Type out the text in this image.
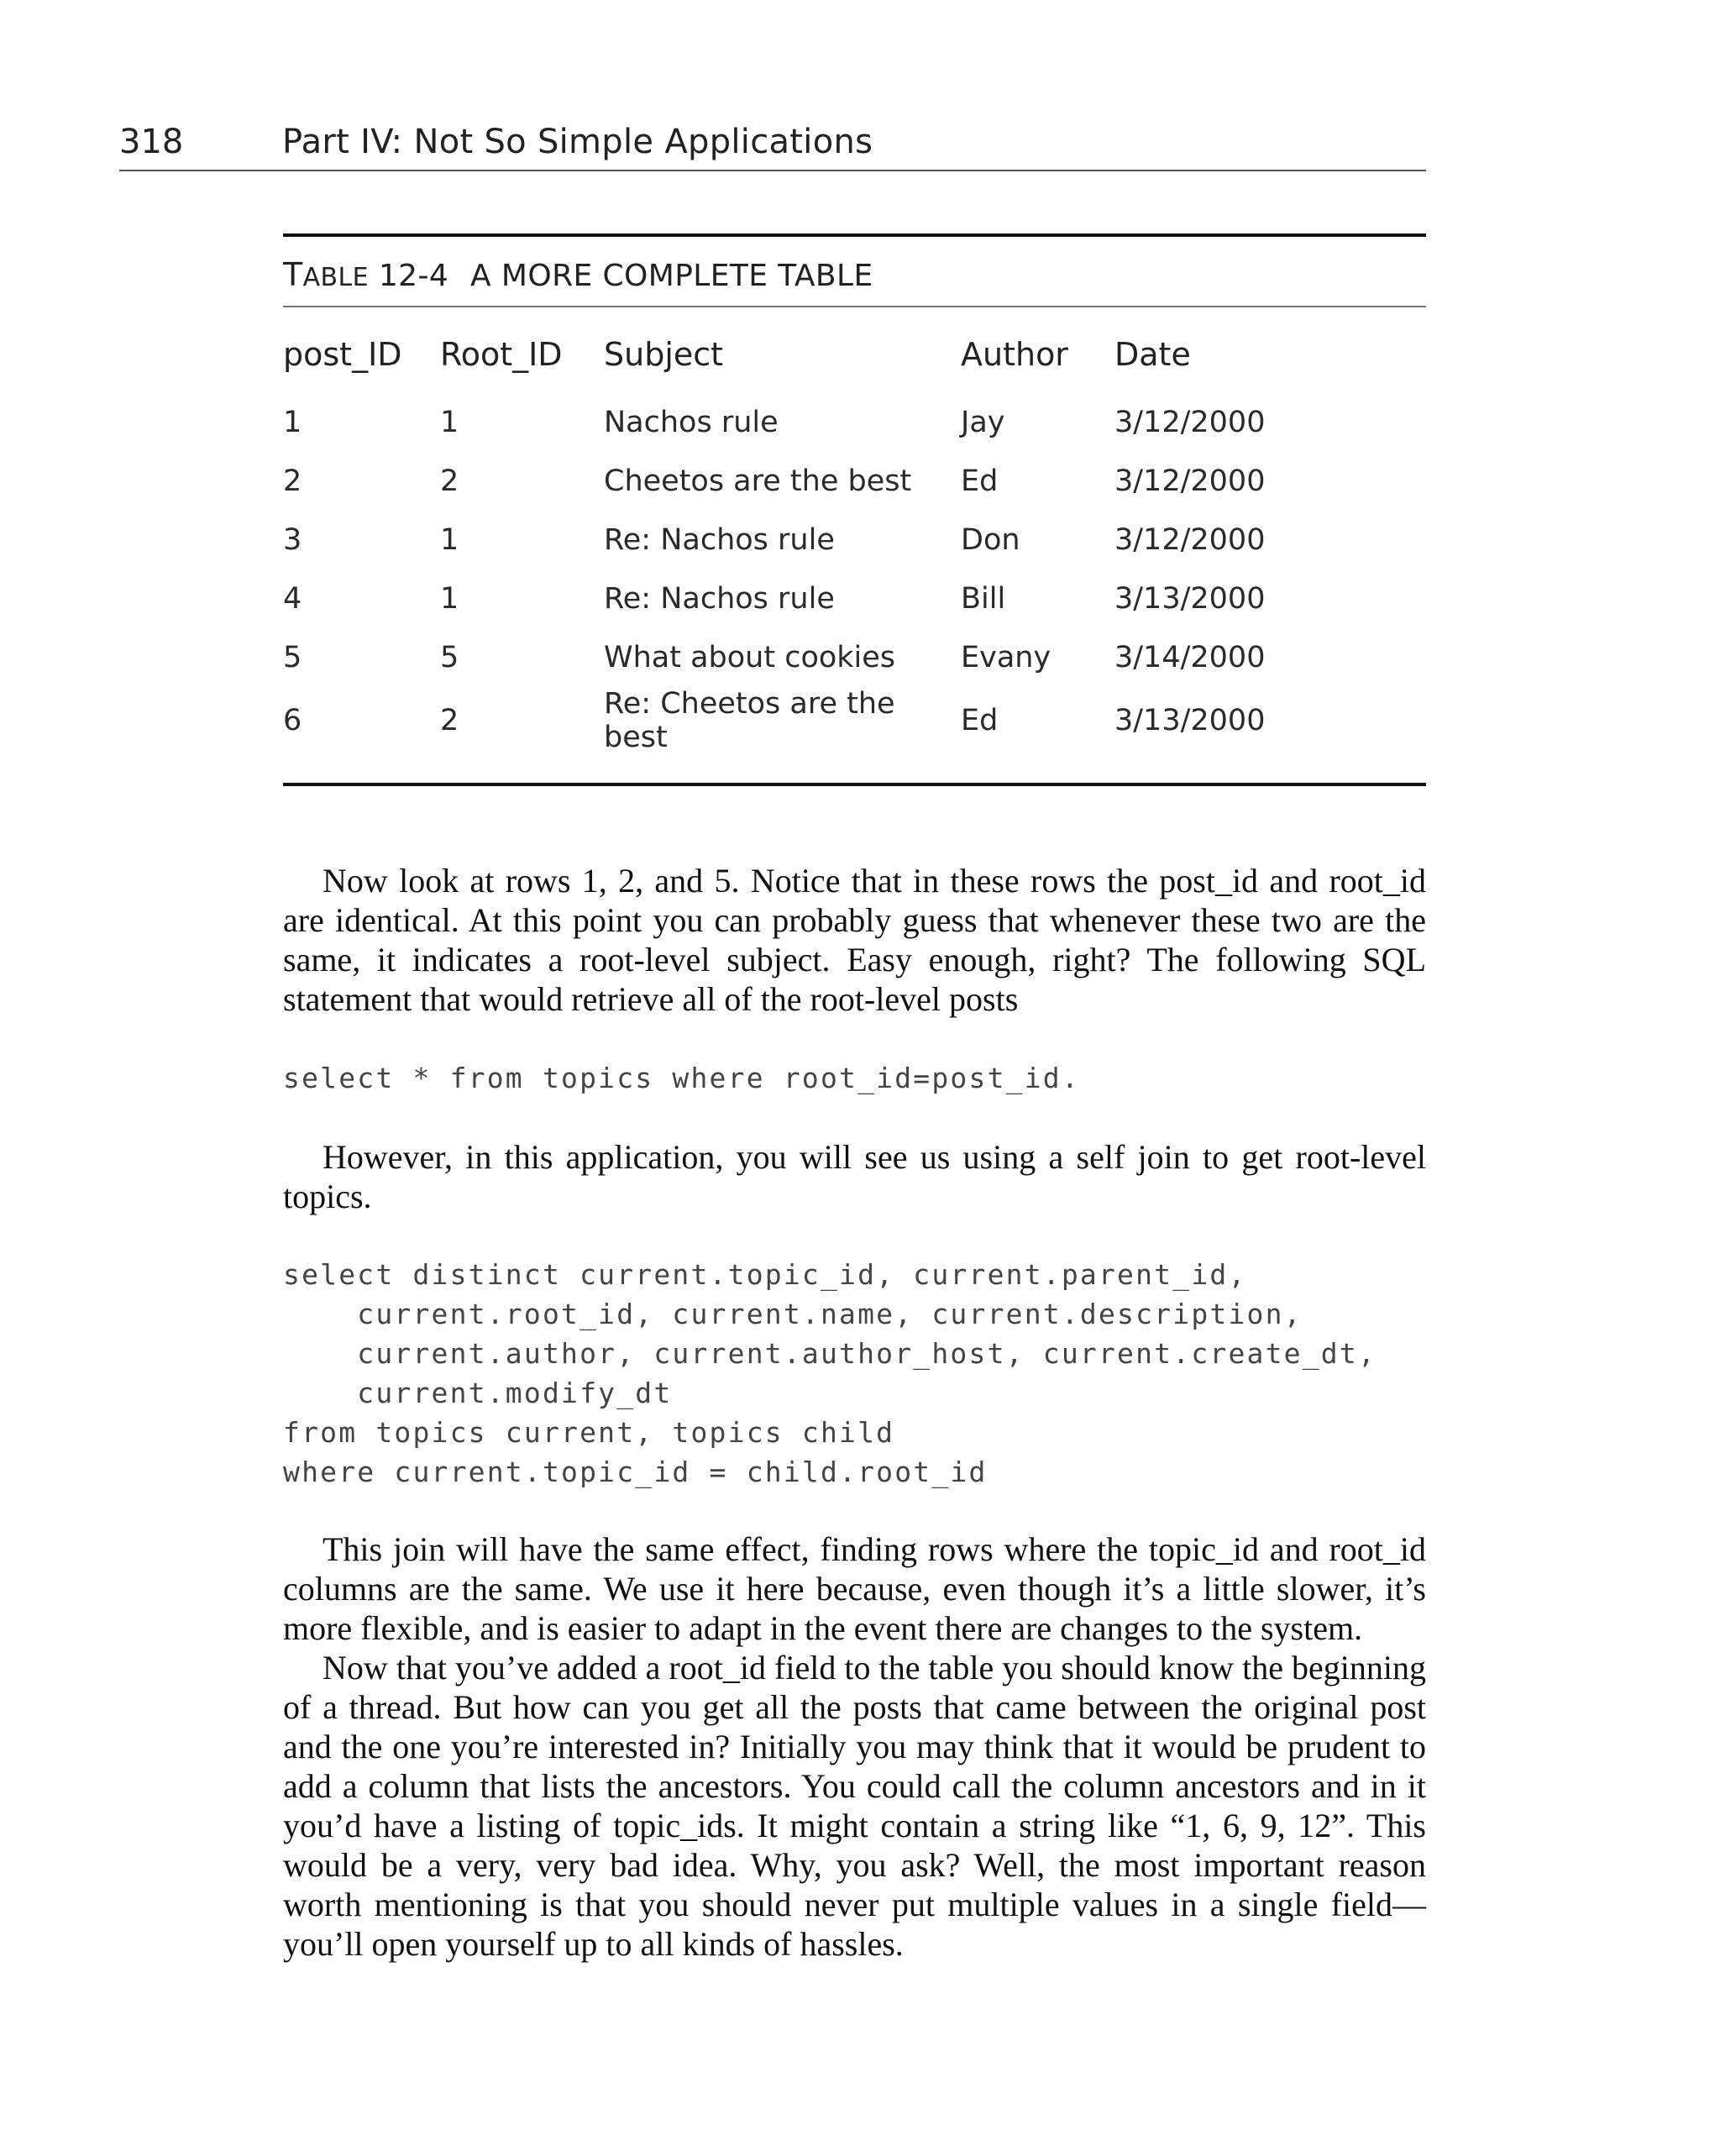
318	Part IV: Not So Simple Applications
TABLE 12-4 A MORE COMPLETE TABLE
post_ID	Root_ID	Subject	Author	Date
1	1	Nachos rule	Jay	3/12/2000
2	2	Cheetos are the best	Ed	3/12/2000
3	1	Re: Nachos rule	Don	3/12/2000
4	1	Re: Nachos rule	Bill	3/13/2000
5	5	What about cookies	Evany	3/14/2000
6	2	Re: Cheetos are the best	Ed	3/13/2000

Now look at rows 1, 2, and 5. Notice that in these rows the post_id and root_id are identical. At this point you can probably guess that whenever these two are the same, it indicates a root-level subject. Easy enough, right? The following SQL statement that would retrieve all of the root-level posts

select * from topics where root_id=post_id.

However, in this application, you will see us using a self join to get root-level topics.

select distinct current.topic_id, current.parent_id,
current.root_id, current.name, current.description,
current.author, current.author_host, current.create_dt,
current.modify_dt
from topics current, topics child
where current.topic_id = child.root_id

This join will have the same effect, finding rows where the topic_id and root_id columns are the same. We use it here because, even though it’s a little slower, it’s more flexible, and is easier to adapt in the event there are changes to the system.

Now that you’ve added a root_id field to the table you should know the beginning of a thread. But how can you get all the posts that came between the original post and the one you’re interested in? Initially you may think that it would be prudent to add a column that lists the ancestors. You could call the column ancestors and in it you’d have a listing of topic_ids. It might contain a string like “1, 6, 9, 12”. This would be a very, very bad idea. Why, you ask? Well, the most important reason worth mentioning is that you should never put multiple values in a single field—you’ll open yourself up to all kinds of hassles.
